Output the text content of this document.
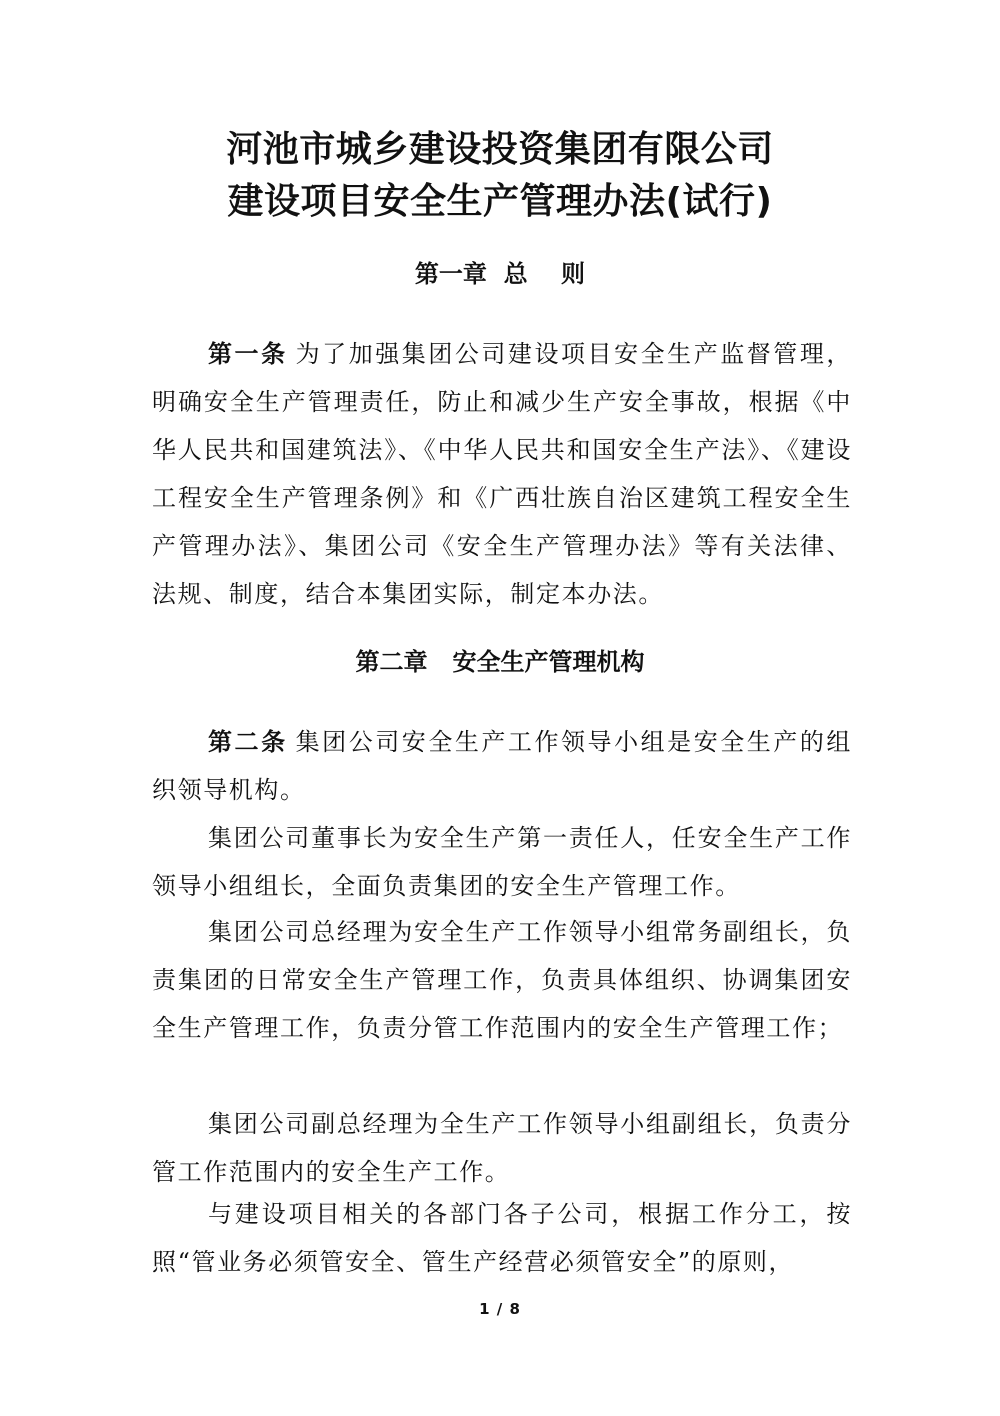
河池市城乡建设投资集团有限公司
建设项目安全生产管理办法(试行)
第一章  总    则

第一条 为了加强集团公司建设项目安全生产监督管理，明确安全生产管理责任，防止和减少生产安全事故，根据《中华人民共和国建筑法》、《中华人民共和国安全生产法》、《建设工程安全生产管理条例》和《广西壮族自治区建筑工程安全生产管理办法》、集团公司《安全生产管理办法》等有关法律、法规、制度，结合本集团实际，制定本办法。

第二章   安全生产管理机构

第二条 集团公司安全生产工作领导小组是安全生产的组织领导机构。

集团公司董事长为安全生产第一责任人，任安全生产工作领导小组组长，全面负责集团的安全生产管理工作。

集团公司总经理为安全生产工作领导小组常务副组长，负责集团的日常安全生产管理工作，负责具体组织、协调集团安全生产管理工作，负责分管工作范围内的安全生产管理工作；

集团公司副总经理为全生产工作领导小组副组长，负责分管工作范围内的安全生产工作。

与建设项目相关的各部门各子公司，根据工作分工，按照“管业务必须管安全、管生产经营必须管安全”的原则，

1 / 8
